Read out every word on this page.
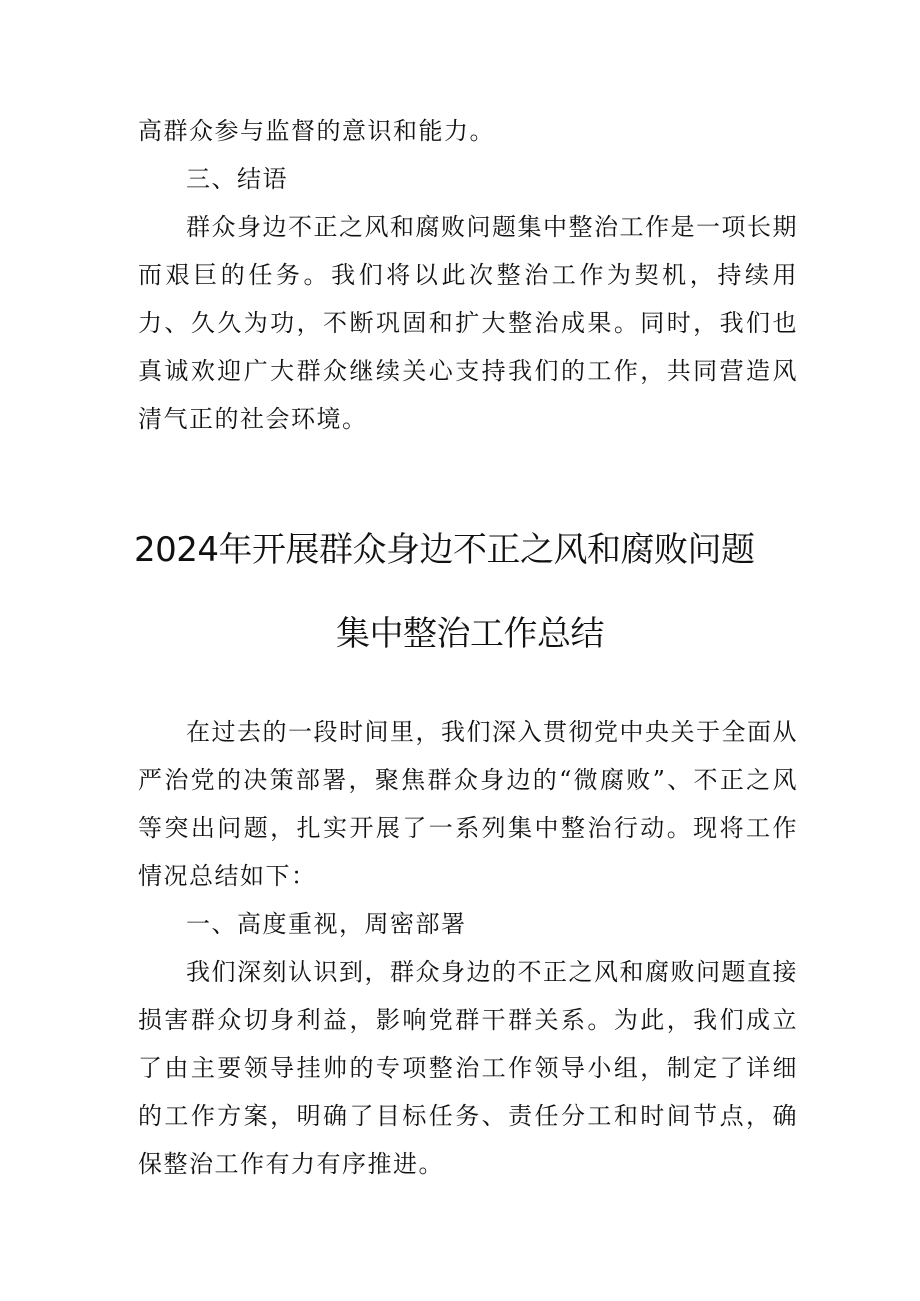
高群众参与监督的意识和能力。

三、结语

群众身边不正之风和腐败问题集中整治工作是一项长期而艰巨的任务。我们将以此次整治工作为契机，持续用力、久久为功，不断巩固和扩大整治成果。同时，我们也真诚欢迎广大群众继续关心支持我们的工作，共同营造风清气正的社会环境。

2024年开展群众身边不正之风和腐败问题
集中整治工作总结

在过去的一段时间里，我们深入贯彻党中央关于全面从严治党的决策部署，聚焦群众身边的“微腐败”、不正之风等突出问题，扎实开展了一系列集中整治行动。现将工作情况总结如下：

一、高度重视，周密部署

我们深刻认识到，群众身边的不正之风和腐败问题直接损害群众切身利益，影响党群干群关系。为此，我们成立了由主要领导挂帅的专项整治工作领导小组，制定了详细的工作方案，明确了目标任务、责任分工和时间节点，确保整治工作有力有序推进。
